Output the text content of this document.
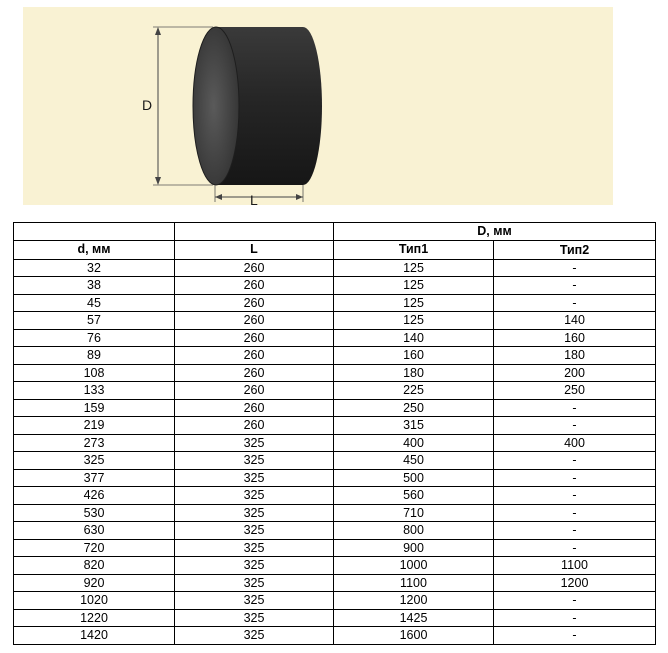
D
L
		D, мм	
d, мм	L	Тип1	Тип2
32	260	125	-
38	260	125	-
45	260	125	-
57	260	125	140
76	260	140	160
89	260	160	180
108	260	180	200
133	260	225	250
159	260	250	-
219	260	315	-
273	325	400	400
325	325	450	-
377	325	500	-
426	325	560	-
530	325	710	-
630	325	800	-
720	325	900	-
820	325	1000	1100
920	325	1100	1200
1020	325	1200	-
1220	325	1425	-
1420	325	1600	-
